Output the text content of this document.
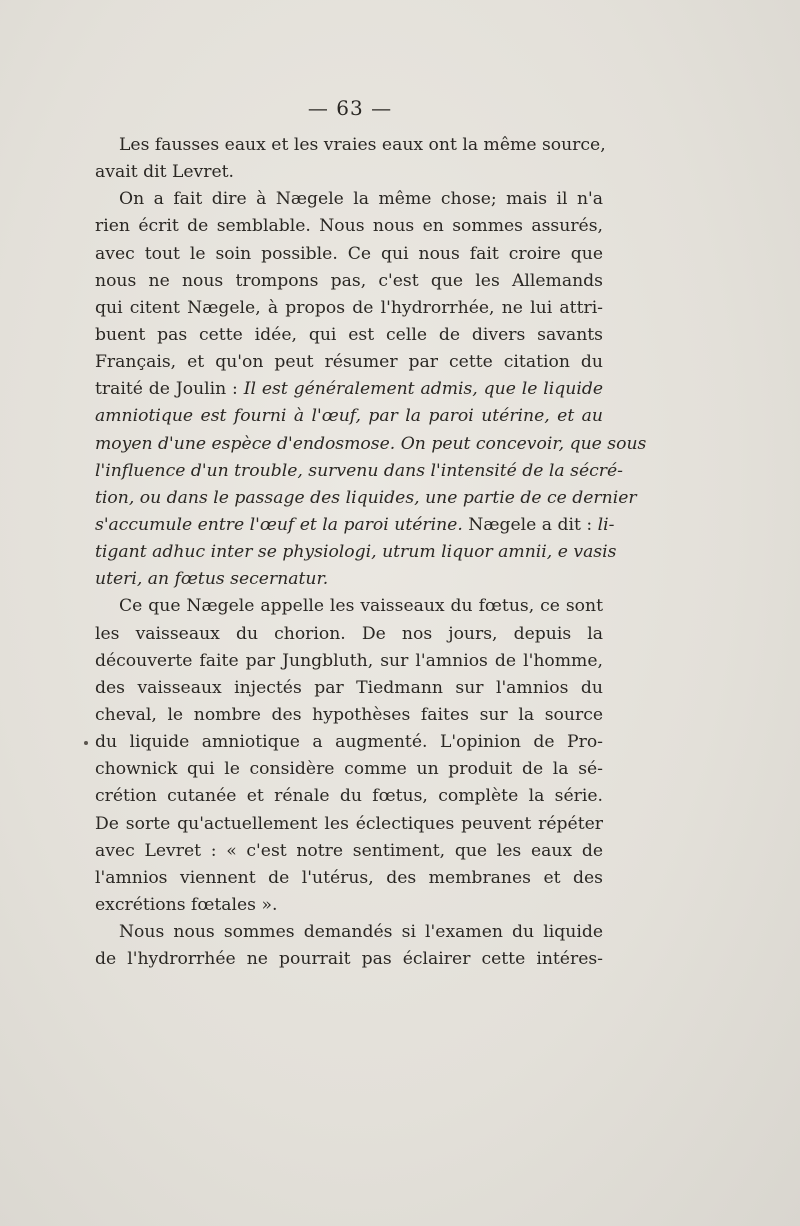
— 63 —
Les fausses eaux et les vraies eaux ont la même source,
avait dit Levret.
On a fait dire à Nægele la même chose; mais il n'a
rien écrit de semblable. Nous nous en sommes assurés,
avec tout le soin possible. Ce qui nous fait croire que
nous ne nous trompons pas, c'est que les Allemands
qui citent Nægele, à propos de l'hydrorrhée, ne lui attri-
buent pas cette idée, qui est celle de divers savants
Français, et qu'on peut résumer par cette citation du
traité de Joulin : Il est généralement admis, que le liquide
amniotique est fourni à l'œuf, par la paroi utérine, et au
moyen d'une espèce d'endosmose. On peut concevoir, que sous
l'influence d'un trouble, survenu dans l'intensité de la sécré-
tion, ou dans le passage des liquides, une partie de ce dernier
s'accumule entre l'œuf et la paroi utérine. Nægele a dit : li-
tigant adhuc inter se physiologi, utrum liquor amnii, e vasis
uteri, an fœtus secernatur.
Ce que Nægele appelle les vaisseaux du fœtus, ce sont
les vaisseaux du chorion. De nos jours, depuis la
découverte faite par Jungbluth, sur l'amnios de l'homme,
des vaisseaux injectés par Tiedmann sur l'amnios du
cheval, le nombre des hypothèses faites sur la source
du liquide amniotique a augmenté. L'opinion de Pro-
chownick qui le considère comme un produit de la sé-
crétion cutanée et rénale du fœtus, complète la série.
De sorte qu'actuellement les éclectiques peuvent répéter
avec Levret : « c'est notre sentiment, que les eaux de
l'amnios viennent de l'utérus, des membranes et des
excrétions fœtales ».
Nous nous sommes demandés si l'examen du liquide
de l'hydrorrhée ne pourrait pas éclairer cette intéres-
